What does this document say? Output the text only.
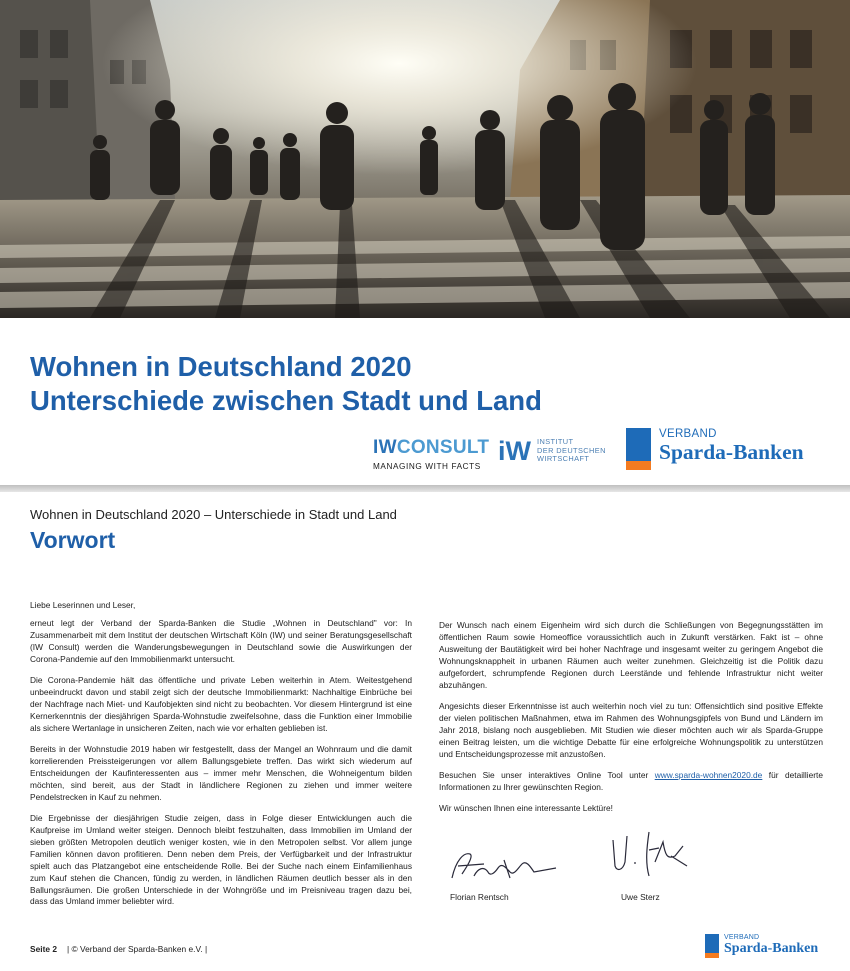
Wohnen in Deutschland 2020
Unterschiede zwischen Stadt und Land
IWCONSULT
MANAGING WITH FACTS
iW INSTITUT
DER DEUTSCHEN
WIRTSCHAFT
VERBAND
Sparda-Banken
Wohnen in Deutschland 2020 – Unterschiede in Stadt und Land
Vorwort

Liebe Leserinnen und Leser,

erneut legt der Verband der Sparda-Banken die Studie „Wohnen in Deutschland" vor: In Zusammenarbeit mit dem Institut der deutschen Wirtschaft Köln (IW) und seiner Beratungsgesellschaft (IW Consult) werden die Wanderungsbewegungen in Deutschland sowie die Auswirkungen der Corona-Pandemie auf den Immobilienmarkt untersucht.

Die Corona-Pandemie hält das öffentliche und private Leben weiterhin in Atem. Weitestgehend unbeeindruckt davon und stabil zeigt sich der deutsche Immobilienmarkt: Nachhaltige Einbrüche bei der Nachfrage nach Miet- und Kaufobjekten sind nicht zu beobachten. Vor diesem Hintergrund ist eine Kernerkenntnis der diesjährigen Sparda-Wohnstudie zweifelsohne, dass die Funktion einer Immobilie als sichere Wertanlage in unsicheren Zeiten, nach wie vor erhalten geblieben ist.

Bereits in der Wohnstudie 2019 haben wir festgestellt, dass der Mangel an Wohnraum und die damit korrelierenden Preissteigerungen vor allem Ballungsgebiete treffen. Das wirkt sich wiederum auf Entscheidungen der Kaufinteressenten aus – immer mehr Menschen, die Wohneigentum bilden möchten, sind bereit, aus der Stadt in ländlichere Regionen zu ziehen und immer weitere Pendelstrecken in Kauf zu nehmen.

Die Ergebnisse der diesjährigen Studie zeigen, dass in Folge dieser Entwicklungen auch die Kaufpreise im Umland weiter steigen. Dennoch bleibt festzuhalten, dass Immobilien im Umland der sieben größten Metropolen deutlich weniger kosten, wie in den Metropolen selbst. Vor allem junge Familien können davon profitieren. Denn neben dem Preis, der Verfügbarkeit und der Infrastruktur spielt auch das Platzangebot eine entscheidende Rolle. Bei der Suche nach einem Einfamilienhaus zum Kauf stehen die Chancen, fündig zu werden, in ländlichen Räumen deutlich besser als in den Ballungsräumen. Die großen Unterschiede in der Wohngröße und im Preisniveau tragen dazu bei, dass das Umland immer beliebter wird.

Der Wunsch nach einem Eigenheim wird sich durch die Schließungen von Begegnungsstätten im öffentlichen Raum sowie Homeoffice voraussichtlich auch in Zukunft verstärken. Fakt ist – ohne Ausweitung der Bautätigkeit wird bei hoher Nachfrage und insgesamt weiter zu geringem Angebot die Wohnungsknappheit in urbanen Räumen auch weiter zunehmen. Gleichzeitig ist die Politik dazu aufgefordert, schrumpfende Regionen durch Leerstände und fehlende Infrastruktur nicht weiter abzuhängen.

Angesichts dieser Erkenntnisse ist auch weiterhin noch viel zu tun: Offensichtlich sind positive Effekte der vielen politischen Maßnahmen, etwa im Rahmen des Wohnungsgipfels von Bund und Ländern im Jahr 2018, bislang noch ausgeblieben. Mit Studien wie dieser möchten auch wir als Sparda-Gruppe einen Beitrag leisten, um die wichtige Debatte für eine erfolgreiche Wohnungspolitik zu unterstützen und Entscheidungsprozesse mit anzustoßen.

Besuchen Sie unser interaktives Online Tool unter www.sparda-wohnen2020.de für detaillierte Informationen zu Ihrer gewünschten Region.

Wir wünschen Ihnen eine interessante Lektüre!

Florian Rentsch	Uwe Sterz
Seite 2 | © Verband der Sparda-Banken e.V. |
VERBAND
Sparda-Banken
